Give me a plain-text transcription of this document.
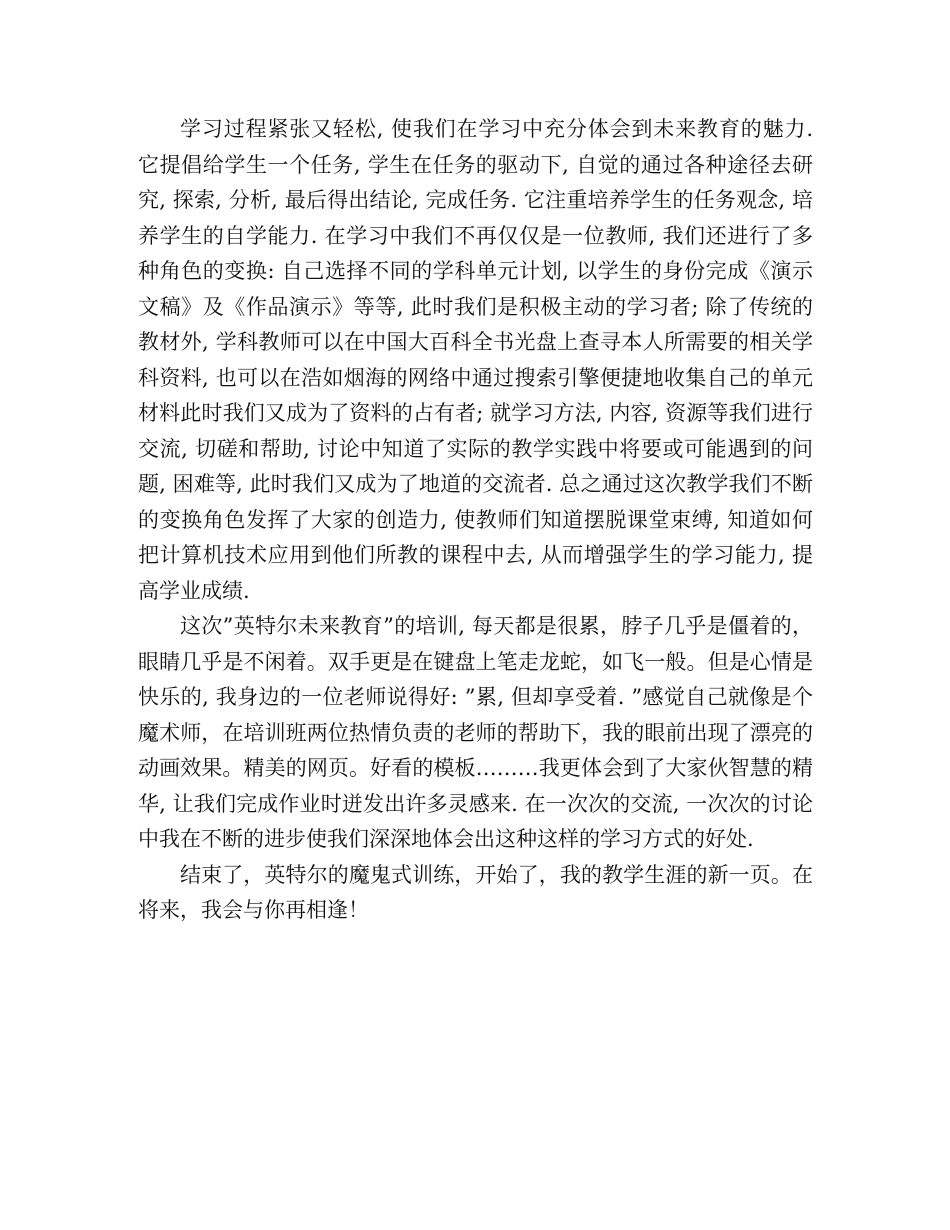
学习过程紧张又轻松, 使我们在学习中充分体会到未来教育的魅力. 它提倡给学生一个任务, 学生在任务的驱动下, 自觉的通过各种途径去研究, 探索, 分析, 最后得出结论, 完成任务. 它注重培养学生的任务观念, 培养学生的自学能力. 在学习中我们不再仅仅是一位教师, 我们还进行了多种角色的变换: 自己选择不同的学科单元计划, 以学生的身份完成《演示文稿》及《作品演示》等等, 此时我们是积极主动的学习者; 除了传统的教材外, 学科教师可以在中国大百科全书光盘上查寻本人所需要的相关学科资料, 也可以在浩如烟海的网络中通过搜索引擎便捷地收集自己的单元材料此时我们又成为了资料的占有者; 就学习方法, 内容, 资源等我们进行交流, 切磋和帮助, 讨论中知道了实际的教学实践中将要或可能遇到的问题, 困难等, 此时我们又成为了地道的交流者. 总之通过这次教学我们不断的变换角色发挥了大家的创造力, 使教师们知道摆脱课堂束缚, 知道如何把计算机技术应用到他们所教的课程中去, 从而增强学生的学习能力, 提高学业成绩.

这次”英特尔未来教育”的培训, 每天都是很累，脖子几乎是僵着的，眼睛几乎是不闲着。双手更是在键盘上笔走龙蛇，如飞一般。但是心情是快乐的, 我身边的一位老师说得好: ”累, 但却享受着. ”感觉自己就像是个魔术师，在培训班两位热情负责的老师的帮助下，我的眼前出现了漂亮的动画效果。精美的网页。好看的模板………我更体会到了大家伙智慧的精华, 让我们完成作业时迸发出许多灵感来. 在一次次的交流, 一次次的讨论中我在不断的进步使我们深深地体会出这种这样的学习方式的好处.

结束了，英特尔的魔鬼式训练，开始了，我的教学生涯的新一页。在将来，我会与你再相逢！
